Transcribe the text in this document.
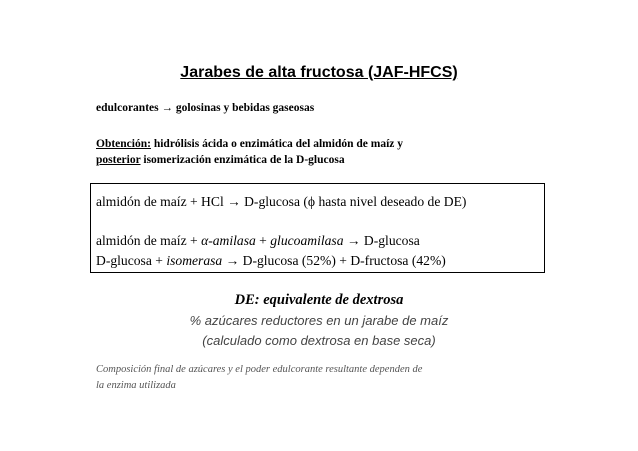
Jarabes de alta fructosa (JAF-HFCS)
edulcorantes → golosinas y bebidas gaseosas
Obtención: hidrólisis ácida o enzimática del almidón de maíz y
posterior isomerización enzimática de la D-glucosa
almidón de maíz + HCl → D-glucosa (ϕ hasta nivel deseado de DE)
almidón de maíz + α-amilasa + glucoamilasa → D-glucosa
D-glucosa + isomerasa → D-glucosa (52%) + D-fructosa (42%)
DE: equivalente de dextrosa
% azúcares reductores en un jarabe de maíz
(calculado como dextrosa en base seca)
Composición final de azúcares y el poder edulcorante resultante dependen de
la enzima utilizada
